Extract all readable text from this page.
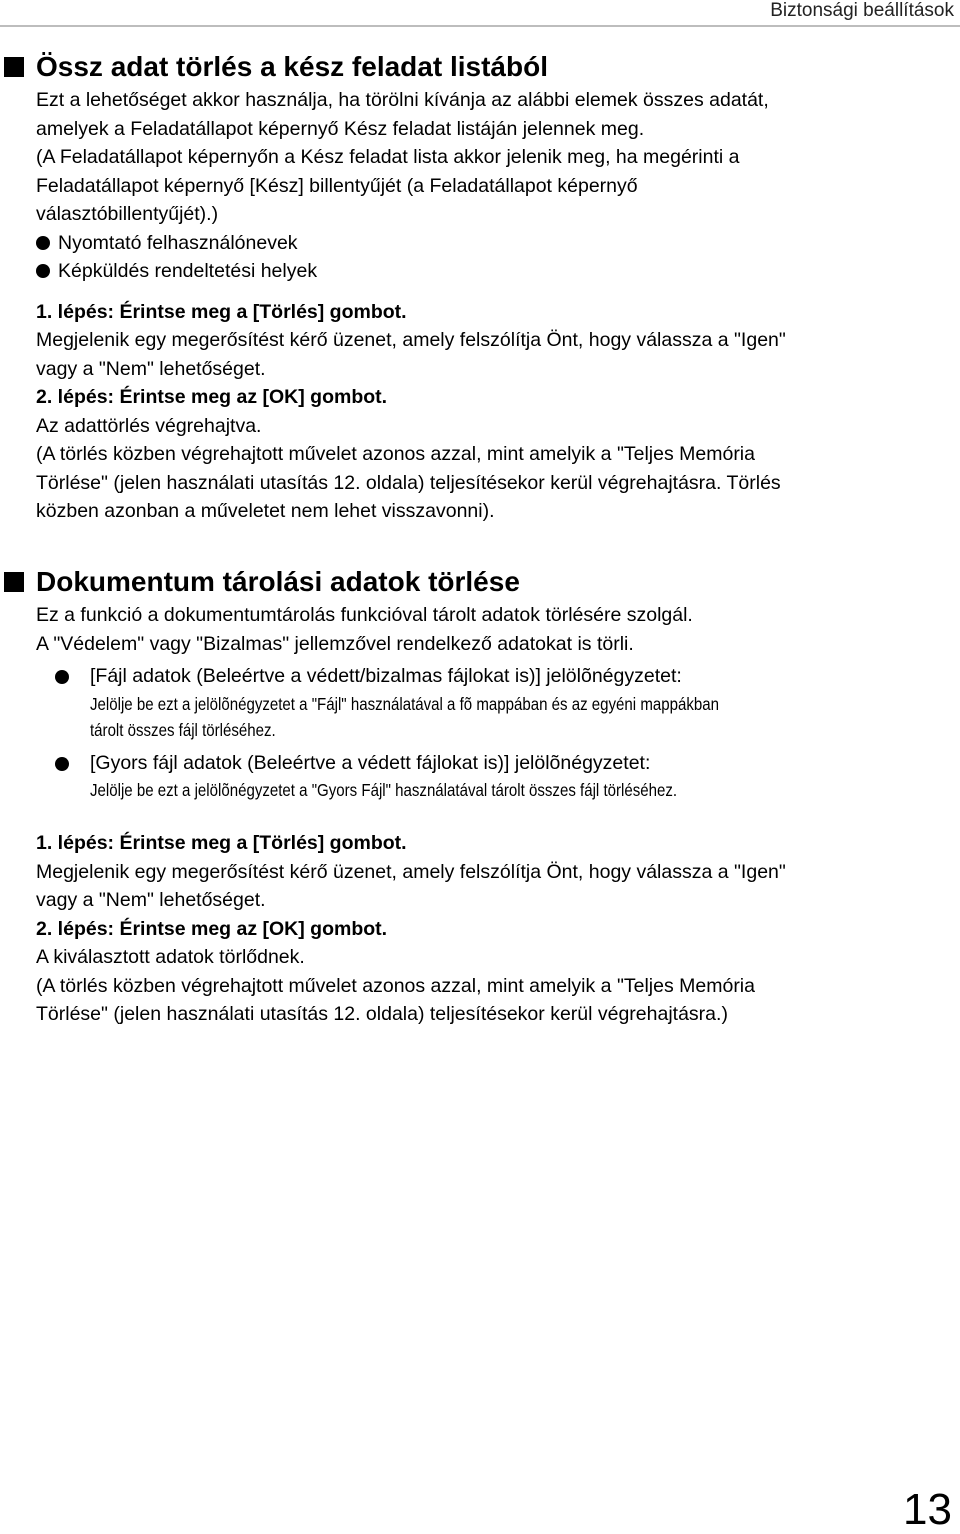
Biztonsági beállítások
Össz adat törlés a kész feladat listából

Ezt a lehetőséget akkor használja, ha törölni kívánja az alábbi elemek összes adatát,

amelyek a Feladatállapot képernyő Kész feladat listáján jelennek meg.

(A Feladatállapot képernyőn a Kész feladat lista akkor jelenik meg, ha megérinti a

Feladatállapot képernyő [Kész] billentyűjét (a Feladatállapot képernyő

választóbillentyűjét).)

Nyomtató felhasználónevek
Képküldés rendeltetési helyek

1. lépés: Érintse meg a [Törlés] gombot.

Megjelenik egy megerősítést kérő üzenet, amely felszólítja Önt, hogy válassza a "Igen"

vagy a "Nem" lehetőséget.

2. lépés: Érintse meg az [OK] gombot.

Az adattörlés végrehajtva.

(A törlés közben végrehajtott művelet azonos azzal, mint amelyik a "Teljes Memória

Törlése" (jelen használati utasítás 12. oldala) teljesítésekor kerül végrehajtásra. Törlés

közben azonban a műveletet nem lehet visszavonni).

Dokumentum tárolási adatok törlése

Ez a funkció a dokumentumtárolás funkcióval tárolt adatok törlésére szolgál.

A "Védelem" vagy "Bizalmas" jellemzővel rendelkező adatokat is törli.

[Fájl adatok (Beleértve a védett/bizalmas fájlokat is)] jelölõnégyzetet:
Jelölje be ezt a jelölõnégyzetet a "Fájl" használatával a fõ mappában és az egyéni mappákban
tárolt összes fájl törléséhez.
[Gyors fájl adatok (Beleértve a védett fájlokat is)] jelölõnégyzetet:
Jelölje be ezt a jelölõnégyzetet a "Gyors Fájl" használatával tárolt összes fájl törléséhez.

1. lépés: Érintse meg a [Törlés] gombot.

Megjelenik egy megerősítést kérő üzenet, amely felszólítja Önt, hogy válassza a "Igen"

vagy a "Nem" lehetőséget.

2. lépés: Érintse meg az [OK] gombot.

A kiválasztott adatok törlődnek.

(A törlés közben végrehajtott művelet azonos azzal, mint amelyik a "Teljes Memória

Törlése" (jelen használati utasítás 12. oldala) teljesítésekor kerül végrehajtásra.)

13
